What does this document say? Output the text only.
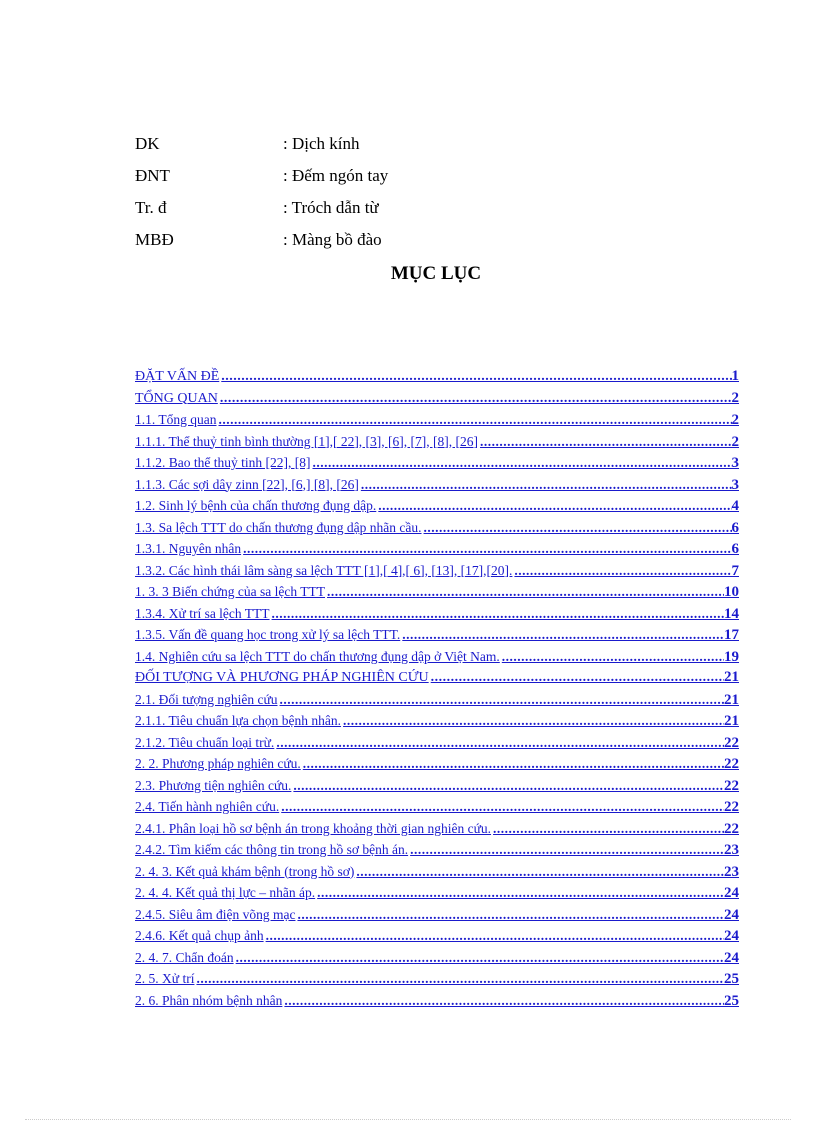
DK	: Dịch kính
ĐNT	: Đếm ngón tay
Tr. đ	: Tróch dẫn từ
MBĐ	: Màng bồ đào
MỤC LỤC
ĐẶT VẤN ĐỀ .....	1
TỔNG QUAN .....	2
1.1. Tổng quan .....	2
1.1.1. Thể thuỷ tinh bình thường [1],[ 22], [3], [6], [7], [8], [26] .....	2
1.1.2. Bao thể thuỷ tinh [22], [8] .....	3
1.1.3. Các sợi dây zinn [22], [6,] [8], [26] .....	3
1.2. Sinh lý bệnh của chấn thương đụng dập. .....	4
1.3. Sa lệch TTT do chấn thương đụng dập nhãn cầu. .....	6
1.3.1. Nguyên nhân .....	6
1.3.2. Các hình thái lâm sàng sa lệch TTT [1],[ 4],[ 6], [13], [17],[20]. .....	7
1. 3. 3 Biến chứng của sa lệch TTT .....	10
1.3.4. Xử trí sa lệch TTT .....	14
1.3.5. Vấn đề quang học trong xử lý sa lệch TTT. .....	17
1.4. Nghiên cứu sa lệch TTT do chấn thương đụng dập ở Việt Nam. .....	19
ĐỐI TƯỢNG VÀ PHƯƠNG PHÁP NGHIÊN CỨU .....	21
2.1. Đối tượng nghiên cứu .....	21
2.1.1. Tiêu chuẩn lựa chọn bệnh nhân. .....	21
2.1.2. Tiêu chuẩn loại trừ. .....	22
2. 2. Phương pháp nghiên cứu. .....	22
2.3. Phương tiện nghiên cứu. .....	22
2.4. Tiến hành nghiên cứu. .....	22
2.4.1. Phân loại hồ sơ bệnh án trong khoảng thời gian nghiên cứu. .....	22
2.4.2. Tìm kiếm các thông tin trong hồ sơ bệnh án. .....	23
2. 4. 3. Kết quả khám bệnh (trong hồ sơ) .....	23
2. 4. 4. Kết quả thị lực – nhãn áp. .....	24
2.4.5. Siêu âm điện võng mạc .....	24
2.4.6. Kết quả chụp ảnh .....	24
2. 4. 7. Chẩn đoán .....	24
2. 5. Xử trí .....	25
2. 6. Phân nhóm bệnh nhân .....	25
